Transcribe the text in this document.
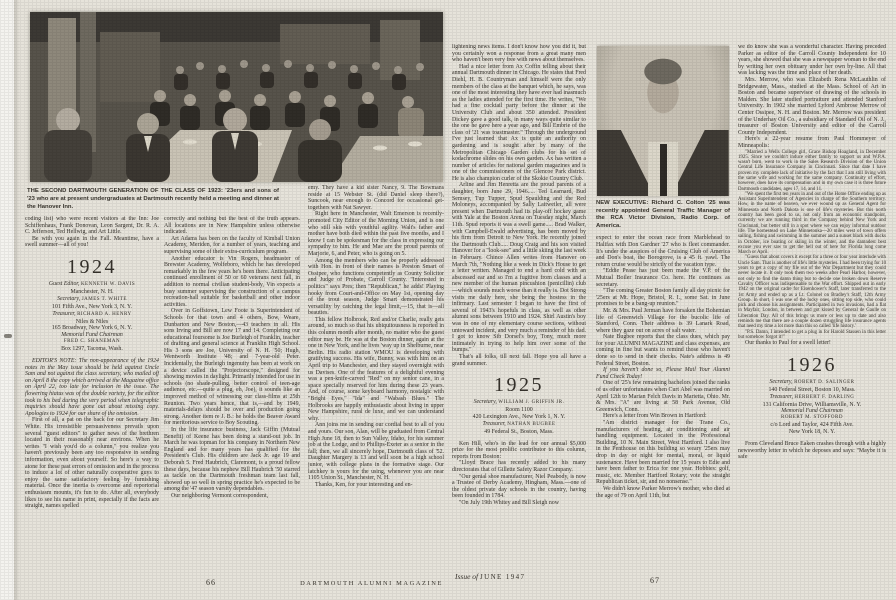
THE SECOND DARTMOUTH GENERATION OF THE CLASS OF 1923: '23ers and sons of '23 who are at present undergraduates at Dartmouth recently held a meeting and dinner at the Hanover Inn.

coding list) who were recent visitors at the Inn: Joe Schiffenhaus, Frank Donovan, Leon Sargent, Dr. R. A. C. Jefferson, Ted Hellwig, and Art Little.

Be with you again in the Fall. Meantime, have a swell summer—all of you!

1924
Guest Editor, KENNETH W. DAVIS
Manchester, N. H.
Secretary, JAMES T. WHITE
101 Fifth Ave., New York 3, N. Y.
Treasurer, RICHARD A. HENRY
Niles & Niles
165 Broadway, New York 6, N. Y.
Memorial Fund Chairman
FRED C. SHANEMAN
Box 1297, Tacoma, Wash.

EDITOR'S NOTE: The non-appearance of the 1924 notes in the May issue should be held against Uncle Sam and not against the class secretary, who mailed off on April 8 the copy which arrived at the Magazine office on April 22, too late for inclusion in the issue. The flowering hiatus was of the double variety, for the editor took to his bed during the very period when telegraphic inquiries should have gone out about missing copy. Apologies to 1924 for our share of the omission.

First of all, a pat on the back for our Secretary Jim White. His irresistible persuasiveness prevails upon several "guest editors" to gather news of the brethren located in their reasonably near environs. When he writes "I wish you'd do a column," you realize you haven't previously been any too responsive in sending information, even about yourself. So here's a way to atone for these past errors of omission and in the process to induce a lot of other naturally cooperative guys to enjoy the same satisfactory feeling by furnishing material. Once the inertia is overcome and reportorial enthusiasm mounts, it's fun to do. After all, everybody likes to see his name in print, especially if the facts are straight, names spelled

correctly and nothing but the best of the truth appears. All locations are in New Hampshire unless otherwise indicated.

Art Adams has been on the faculty of Kimball Union Academy, Meriden, for a number of years, teaching and supervising some of their extra-curriculum program.

Another educator is Vin Rogers, headmaster of Brewster Academy, Wolfeboro, which he has developed remarkably in the few years he's been there. Anticipating continued enrollment of 50 or 60 veterans next fall, in addition to normal civilian student-body, Vin expects a busy summer supervising the construction of a campus recreation-hall suitable for basketball and other indoor activities.

Over in Goffstown, Lew Foote is Superintendent of Schools for that town and 4 others, Bow, Weare, Dunbarton and New Boston,—43 teachers in all. His sons Irving and Bill are now 17 and 14. Completing our educational foursome is Joe Burleigh of Franklin, teacher of drafting and general science at Franklin High School. His 3 sons are Joe, University of N. H. '50; Hugh, Wentworth Institute '48; and 7-year-old Peter. Incidentally, the Burleigh ingenuity has been at work on a device called the "Projectorscope," designed for showing movies in daylight. Primarily intended for use in schools (no shade-pulling, better control of teen-age audience, etc.—quite a plug, eh, Joe), it sounds like an improved method of witnessing our class-films at 25th Reunion. Two years hence, that is,—and by 1949, materials-delays should be over and production going strong. Another item re J. B.: he holds the Beaver Award for meritorious service to Boy Scouting.

In the life insurance business, Jack Giffin (Mutual Benefit) of Keene has been doing a stand-out job. In March he was topman for his company in Northern New England and for many years has qualified for the President's Club. His children are Jack Jr. age 19 and Deborah 5. Fred Haubrich, Claremont, is a proud fellow these days, because his nephew Bill Haubrich '50 starred as tackle on the Dartmouth freshman team last fall, showed up so well in spring practice he's expected to be among the '47 season varsity dependables.

Our neighboring Vermont correspondent,

emy. They have a kid sister Nancy, 9. The Bowmans reside at 15 Webster St. (did Daniel sleep there?), Suncook, near enough to Concord for occasional get-togethers with Nat Sawyer.

Right here in Manchester, Walt Emerson is recently-promoted City Editor of the Morning Union, and is one who still skis with youthful agility. Walt's father and mother have both died within the past five months, and I know I can be spokesman for the class in expressing our sympathy to him. He and Mae are the proud parents of Marjorie, 6, and Peter, who is going on 5.

Among the members who can be properly addressed with Hon. in front of their names is Preston Smart of Ossipee, who functions competently as County Solicitor and Judge of Probate, Carroll County. "Interested in politics" says Pres; then "Republican," he adds! Playing hooky from Court-and-Office on May 1st, opening day of the trout season, Judge Smart demonstrated his versatility by catching the legal limit,—15, that is—all beauties.

This fellow Holbrook, Red and/or Charlie, really gets around, so much so that his ubiquitousness is reported in this column month after month, no matter who the guest editor may be. He was at the Boston dinner, again at the one in New York, and he lives 'way up in Shelburne, near Berlin. His radio station WMOU is developing with gratifying success. His wife, Bunny, was with him on an April trip to Manchester, and they stayed overnight with us Davises. One of the features of a delightful evening was a pen-knife-carved "Red" on my senior cane, in a space specially reserved for him during these 23 years. And, of course, some keyboard harmony, nostalgic with "Bright Eyes," "Ida" and "Wabash Blues." The Holbrooks are happily enthusiastic about living in upper New Hampshire, rural de luxe, and we can understand why.

Ann joins me in sending our cordial best to all of you and yours. Our son, Alan, will be graduated from Central High June 18, then to Sun Valley, Idaho, for his summer job at the Lodge, and to Phillips-Exeter as a senior in the fall; then, we all sincerely hope, Dartmouth class of '52. Daughter Margery is 13 and will soon be a high school junior, with college plans in the formative stage. Our latchkey is yours for the using, whenever you are near 1105 Union St., Manchester, N. H.

Thanks, Ken, for your interesting and en-

lightening news items. I don't know how you did it, but you certainly won a response from a great many men who haven't been very free with news about themselves.

Had a nice letter from Ax Coffin telling about their annual Dartmouth dinner in Chicago. He states that Fred Diehl, H. B. Countryman and himself were the only members of the class at the banquet which, he says, was one of the most interesting they have ever had inasmuch as the ladies attended for the first time. He writes, "We had a fine cocktail party before the dinner at the University Club and about 350 attended. President Dickey gave a good talk, in many ways quite similar to the one he gave here a year ago, and Bill Embrie of the class of '21 was toastmaster." Through the underground I've just learned that Ax is quite an authority on gardening and is sought after by many of the Metropolitan Chicago Garden clubs for his set of kodachrome slides on his own garden. Ax has written a number of articles for national garden magazines and is one of the commissioners of the Glencoe Park district. He is also champion curler of the Skokie Country Club.

Arline and Jim Henretta are the proud parents of a daughter, born June 29, 1946..... Ted Learnard, Bud Semsey, Tup Tupper, Spud Spaulding and the Red Moloneys, accompanied by Sally Laitweiler, all were present when Dartmouth had its play-off hockey game with Yale at the Boston Arena on Tuesday night, March 11th. Spud reports it was a swell game..... Brad Walker, with Campbell-Ewald advertising, has been moved by his firm from Detroit to New York. He recently joined the Dartmouth Club..... Doug Craig and his son visited Hanover for a "look-see" and a little skiing the last week in February. Chince Allen writes from Hanover on March 7th, "Nothing like a week in Dick's House to get a letter written. Managed to end a hard cold with an abscessed ear and so I'm a fugitive from classes and a new member of the human pincushion (penicillin) club—which sounds much worse than it really is. Dot Strong visits me daily here, she being the hostess in the infirmary. Last semester I began to have the first of several of 1943's hopefuls in class, as well as other alumni sons between 1910 and 1924. Shirl Austin's boy was in one of my elementary course sections, without untoward incident, and very much a reminder of his dad. I got to know Sib Dorsel's boy, Tony, much more intimately in trying to help him over some of the bumps."

That's all folks, till next fall. Hope you all have a grand summer.

1925
Secretary, WILLIAM J. GRIFFIN JR.
Room 1100
420 Lexington Ave., New York 1, N. Y.
Treasurer, NATHAN BUGBEE
49 Federal St., Boston, Mass.

Ken Hill, who's in the lead for our annual $5,000 prize for the most prolific contributor to this column, reports from Boston:

"Lloyd Brace has recently added to his many directorates that of Gillette Safety Razor Company.

"Our genial shoe manufacturer, Niel Peabody, is now a Trustee of Derby Academy, Hingham, Mass.—one of the oldest private day schools in the country, having been founded in 1784.

"On July 19th Whitey and Bill Sleigh now

NEW EXECUTIVE: Richard C. Colton '25 was recently appointed General Traffic Manager of the RCA Victor Division, Radio Corp. of America.

expect to enter the ocean race from Marblehead to Halifax with Don Gardner '27 who is fleet commander. It's under the auspices of the Cruising Club of America and Don's boat, the Borogrove, is a 45 ft. yawl. The return cruise would be strictly of the vacation type.

"Eddie Pease has just been made the V.P. of the Mutual Boiler Insurance Co. here. He continues as secretary.

"The coming Greater Boston family all day picnic for '25ers at Mt. Hope, Bristol, R. I., some Sat. in June promises to be a bang-up reunion."

Mr. & Mrs. Paul Jerman have forsaken the Bohemian life of Greenwich Village for the bucolic life of Stamford, Conn. Their address is 39 Lanark Road, where they gaze out on acres of salt water.

Nate Bugbee reports that the class dues, which pay for your ALUMNI MAGAZINE and class expenses, are coming in fine but wants to remind those who haven't done so to send in their checks. Nate's address is 49 Federal Street, Boston.

If you haven't done so, Please Mail Your Alumni Fund Check Today!

One of '25's few remaining bachelors joined the ranks of us other unfortunates when Curt Abel was married on April 12th to Marian Felch Davis in Marietta, Ohio. Mr. & Mrs. "A" are living at 58 Park Avenue, Old Greenwich, Conn.

Here's a letter from Win Brown in Hartford:

"Am district manager for the Trane Co., manufacturers of heating, air conditioning and air handling equipment. Located in the Professional Building, 10 N. Main Street, West Hartford. I also live in the Penthouse on this building so weary '25ers may drop in day or night for mental, moral, or liquid sustenance. Have been married for 15 years to Edie and have been father to Erica for one year. Hobbies: golf, music, etc. Member Hartford Rotary; vote the straight Republican ticket, sir, and no nonsense."

We didn't know Parker Merrow's mother, who died at the age of 79 on April 11th, but

we do know she was a wonderful character. Having preceded Parker as editor of the Carroll County Independent for 10 years, she showed that she was a newspaper woman to the end by writing her own obituary under her own by-line. All that was lacking was the time and place of her death.

Mrs. Merrow, who was Elizabeth Rena McLauthlin of Bridgewater, Mass., studied at the Mass. School of Art in Boston and became supervisor of drawing of the schools in Malden. She later studied portraiture and attended Stanford University. In 1902 she married Lyford Ambrose Merrow of Center Ossipee, N. H. and Boston. Mr. Merrow was president of the Underhay Oil Co., a subsidiary of Standard Oil of N. J., treasurer of Boston University and editor of the Carroll County Independent.

Here's a 22-year resume from Paul Hommeyer of Minneapolis:

"Married a Wells College girl, Grace Bishop Hoagland, in December 1925. Since we couldn't induce either family to support us and W.P.A. wasn't born, went to work in the Sales Research Division of the Union Central Life Insurance Company in Cincinnati. Since that date I have proven my complete lack of initiative by the fact that I am still living with the same wife and working for the same company. Continuity of effort, however, does have its compensation and in my own case it is three future Dartmouth candidates, ages 17, 14, and 11.

"We spent the first ten years in and out of the Home Office ending up as Assistant Superintendent of Agencies in charge of the Southern territory. How, in the name of heaven, we ever wound up as General Agent for Minnesota and North Dakota is one of life's mysteries. But this north country has been good to us, not only from an economic standpoint, currently we are running third in the Company behind New York and Cincinnati, but better still in a spot where we can enjoy informal outdoor life. The homestead on Lake Minnetonka—20 miles west of town offers sailing, fishing and swimming in the summer and a sunset black with ducks in October, ice boating or skiing in the winter, and the damndest best excuse you ever saw to get the hell out of here for Florida long come March or April.

"Guess that about covers it except for a three or four year interlude with Uncle Sam. That is another of life's little mysteries. I had been trying for 10 years to get a copy of my file out of the War Department but they could never locate it. It only took them two weeks after Pearl Harbor, however, not only to find the damn thing but to decide one broken down Reserve Cavalry Officer was indispensable to the War effort. Shipped out in early 1942 on the original cadre for Eisenhower's Staff, later transferred to the 1st Army and ended up as a Lt. Colonel on Bradley's Staff, 12th Army Group. In short, I was one of the lucky ones, sitting top side, who could pick and choose his assignments. Participated in two invasions, had a flat in Mayfair, London, in between and got kissed by General de Gaulle on Liberation Day. All of this brings us more or less up to date and also reminds me that there are a couple dozen struggling life insurance agents that need my time a lot more than this so called 'life history.'

"P.S. Damn, I intended to get a plug in for Harold Stassen in this letter but somehow forgot it!"

Our thanks to Paul for a swell letter!

1926
Secretary, ROBERT D. SALINGER
140 Federal Street, Boston 10, Mass.
Treasurer, HERBERT F. DARLING
131 California Drive, Williamsville, N. Y.
Memorial Fund Chairman
ROBERT M. STOFFORD
c/o Lord and Taylor, 424 Fifth Ave.
New York 18, N. Y.

From Cleveland Bruce Eaken crashes through with a highly newsworthy letter in which he deposes and says: "Maybe it is safe

66	DARTMOUTH ALUMNI MAGAZINE
Issue of JUNE 1947	67
